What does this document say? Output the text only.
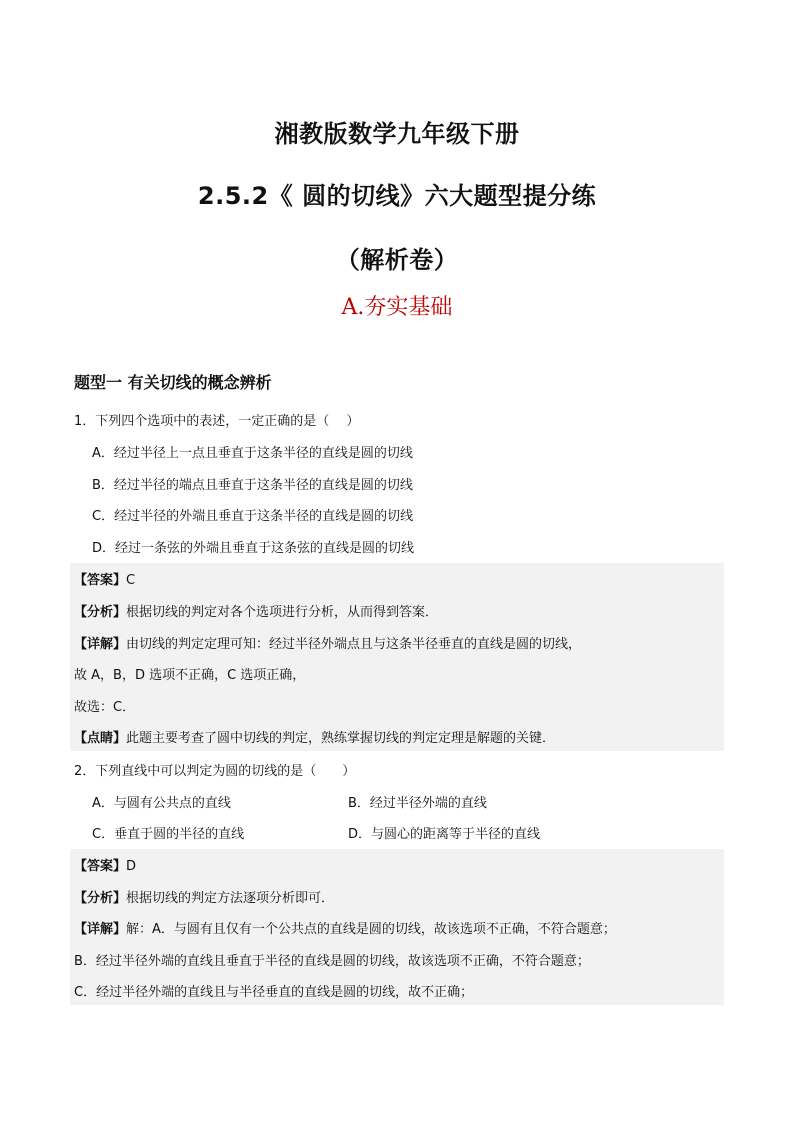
湘教版数学九年级下册
2.5.2《 圆的切线》六大题型提分练
（解析卷）
A.夯实基础
题型一 有关切线的概念辨析
1．下列四个选项中的表述，一定正确的是（　 ）
A．经过半径上一点且垂直于这条半径的直线是圆的切线
B．经过半径的端点且垂直于这条半径的直线是圆的切线
C．经过半径的外端且垂直于这条半径的直线是圆的切线
D．经过一条弦的外端且垂直于这条弦的直线是圆的切线
【答案】C
【分析】根据切线的判定对各个选项进行分析，从而得到答案．
【详解】由切线的判定定理可知：经过半径外端点且与这条半径垂直的直线是圆的切线，
故 A，B，D 选项不正确，C 选项正确，
故选：C．
【点睛】此题主要考查了圆中切线的判定，熟练掌握切线的判定定理是解题的关键．
2．下列直线中可以判定为圆的切线的是（　　）
A．与圆有公共点的直线	B．经过半径外端的直线
C．垂直于圆的半径的直线	D．与圆心的距离等于半径的直线
【答案】D
【分析】根据切线的判定方法逐项分析即可．
【详解】解：A．与圆有且仅有一个公共点的直线是圆的切线，故该选项不正确，不符合题意；
B．经过半径外端的直线且垂直于半径的直线是圆的切线，故该选项不正确，不符合题意；
C．经过半径外端的直线且与半径垂直的直线是圆的切线，故不正确；
